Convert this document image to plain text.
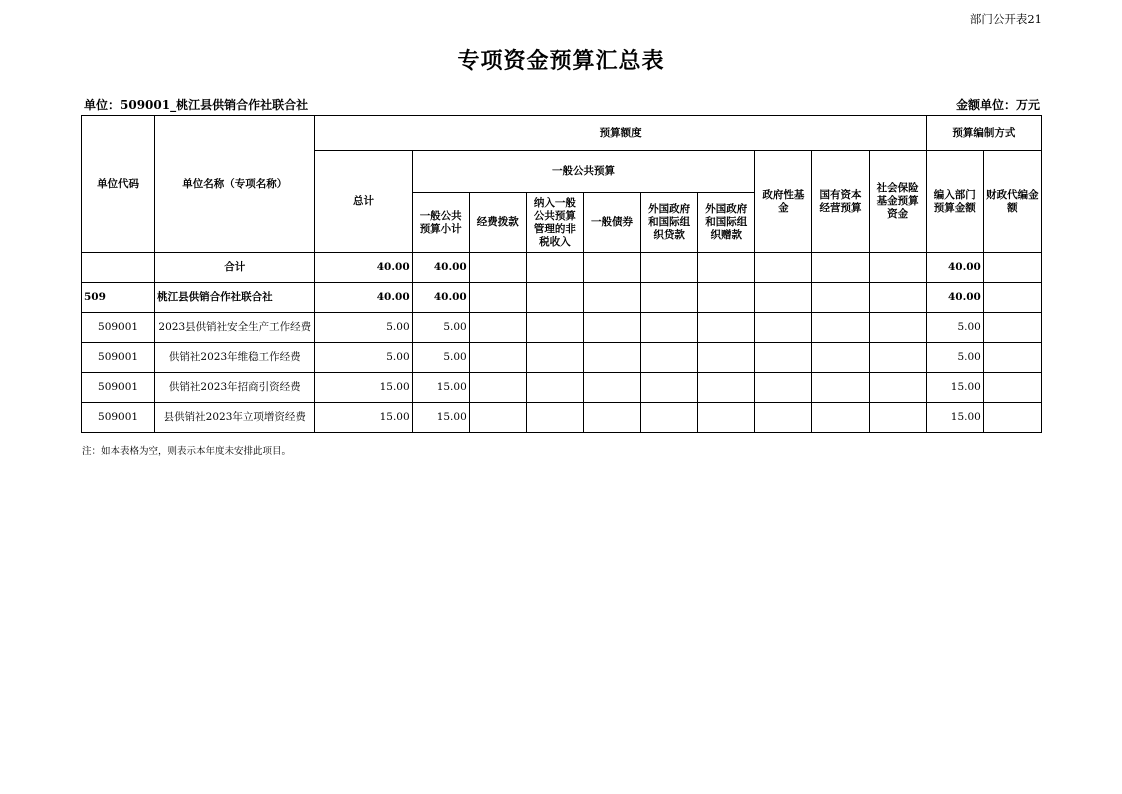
部门公开表21
专项资金预算汇总表
单位：509001_桃江县供销合作社联合社	金额单位：万元
单位代码	单位名称（专项名称）	预算额度										预算编制方式	
		总计	一般公共预算						政府性基金	国有资本经营预算	社会保险基金预算资金	编入部门预算金额	财政代编金额
			一般公共预算小计	经费拨款	纳入一般公共预算管理的非税收入	一般债券	外国政府和国际组织贷款	外国政府和国际组织赠款					
	合计	40.00	40.00									40.00	
509	桃江县供销合作社联合社	40.00	40.00									40.00	
509001	2023县供销社安全生产工作经费	5.00	5.00									5.00	
509001	供销社2023年维稳工作经费	5.00	5.00									5.00	
509001	供销社2023年招商引资经费	15.00	15.00									15.00	
509001	县供销社2023年立项增资经费	15.00	15.00									15.00	
注：如本表格为空，则表示本年度未安排此项目。
